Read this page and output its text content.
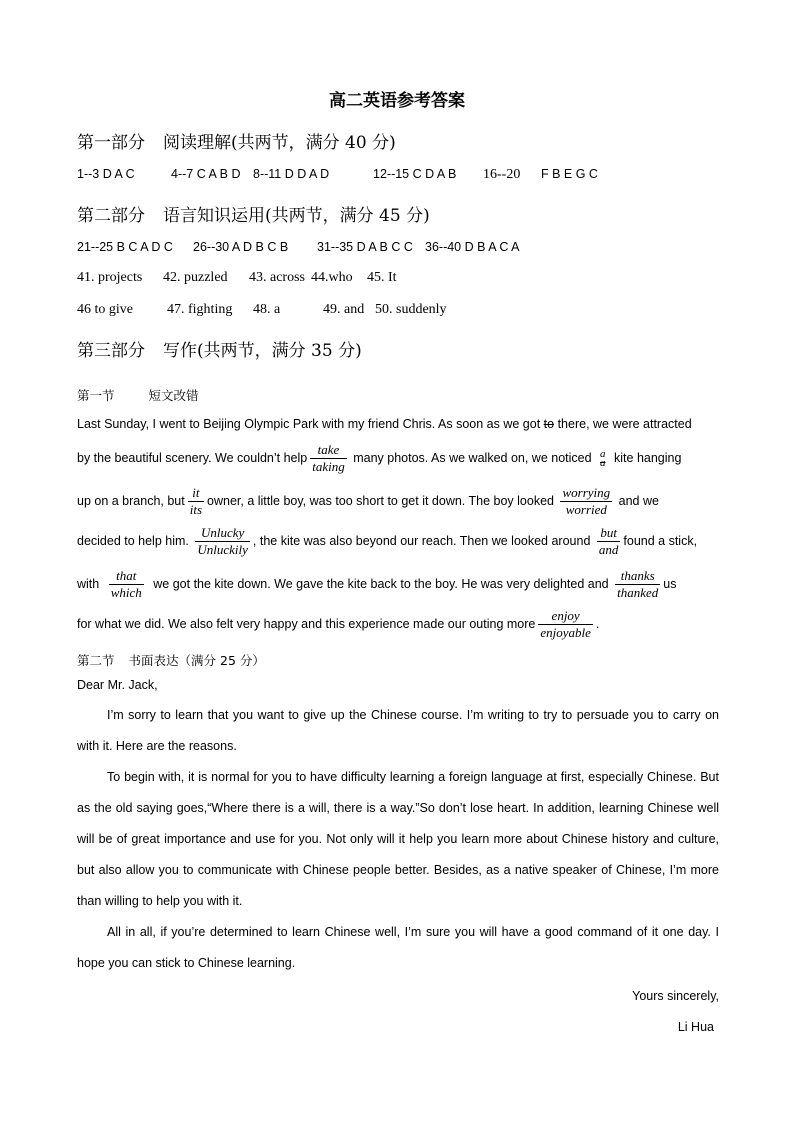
高二英语参考答案
第一部分 阅读理解(共两节，满分 40 分)
1--3 D A C	4--7 C A B D 8--11 D D A D	12--15 C D A B 16--20 F B E G C
第二部分 语言知识运用(共两节，满分 45 分)
21--25 B C A D C 26--30 A D B C B 31--35 D A B C C 36--40 D B A C A
41. projects 42. puzzled 43. across 44.who 45. It
46 to give 47. fighting 48. a	49. and 50. suddenly
第三部分 写作(共两节，满分 35 分)
第一节	短文改错
Last Sunday, I went to Beijing Olympic Park with my friend Chris. As soon as we got to there, we were attracted
by the beautiful scenery. We couldn’t help $\frac{\text{take}}{\text{taking}}$ many photos. As we walked on, we noticed a
a kite hanging
up on a branch, but $\frac{it}{\text{its}}$ owner, a little boy, was too short to get it down. The boy looked $\frac{\text{worrying}}{\text{worried}}$ and we
decided to help him. $\frac{\text{Unlucky}}{\text{Unluckily}}$ , the kite was also beyond our reach. Then we looked around $\frac{\text{but}}{\text{and}}$ found a stick,
with $\frac{\text{that}}{\text{which}}$ we got the kite down. We gave the kite back to the boy. He was very delighted and $\frac{\text{thanks}}{\text{thanked}}$ us
for what we did. We also felt very happy and this experience made our outing more $\frac{\text{enjoy}}{\text{enjoyable}}$ .
第二节 书面表达（满分 25 分）
Dear Mr. Jack,
I’m sorry to learn that you want to give up the Chinese course. I’m writing to try to persuade you to carry on with it. Here are the reasons.
To begin with, it is normal for you to have difficulty learning a foreign language at first, especially Chinese. But as the old saying goes,“Where there is a will, there is a way.”So don’t lose heart. In addition, learning Chinese well will be of great importance and use for you. Not only will it help you learn more about Chinese history and culture, but also allow you to communicate with Chinese people better. Besides, as a native speaker of Chinese, I’m more than willing to help you with it.
All in all, if you’re determined to learn Chinese well, I’m sure you will have a good command of it one day. I hope you can stick to Chinese learning.
Yours sincerely,
Li Hua
